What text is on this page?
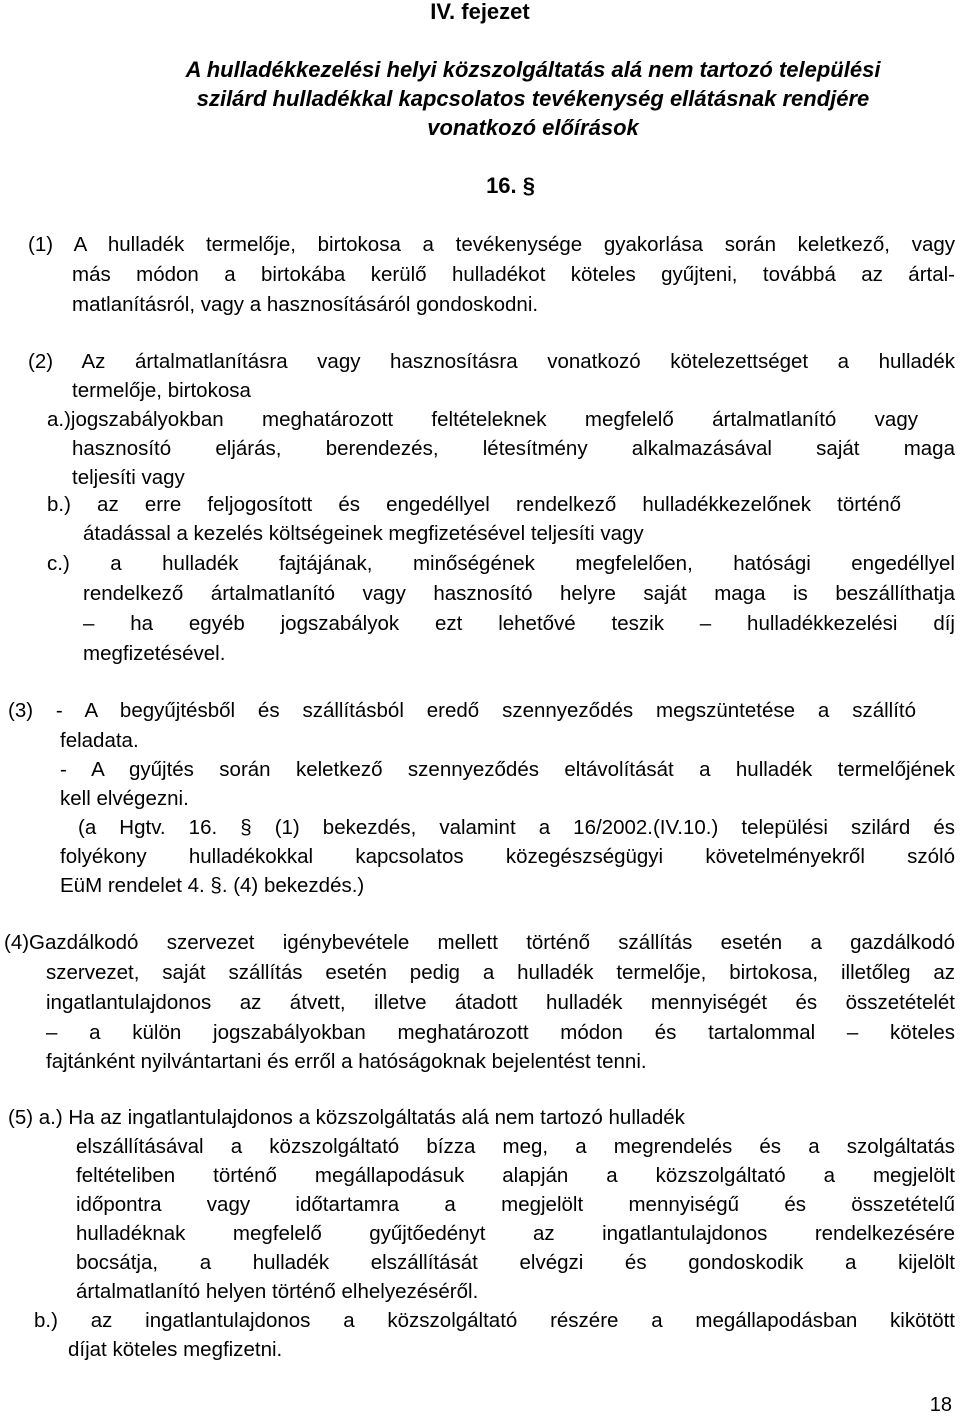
IV. fejezet
A hulladékkezelési helyi közszolgáltatás alá nem tartozó települési
szilárd hulladékkal kapcsolatos tevékenység ellátásnak rendjére
vonatkozó előírások
16. §
(1) A hulladék termelője, birtokosa a tevékenysége gyakorlása során keletkező, vagy
más módon a birtokába kerülő hulladékot köteles gyűjteni, továbbá az ártal-
matlanításról, vagy a hasznosításáról gondoskodni.
(2) Az ártalmatlanításra vagy hasznosításra vonatkozó kötelezettséget a hulladék
termelője, birtokosa
a.)jogszabályokban meghatározott feltételeknek megfelelő ártalmatlanító vagy
hasznosító eljárás, berendezés, létesítmény alkalmazásával saját maga
teljesíti vagy
b.) az erre feljogosított és engedéllyel rendelkező hulladékkezelőnek történő
átadással a kezelés költségeinek megfizetésével teljesíti vagy
c.) a hulladék fajtájának, minőségének megfelelően, hatósági engedéllyel
rendelkező ártalmatlanító vagy hasznosító helyre saját maga is beszállíthatja
– ha egyéb jogszabályok ezt lehetővé teszik – hulladékkezelési díj
megfizetésével.
(3) - A begyűjtésből és szállításból eredő szennyeződés megszüntetése a szállító
feladata.
- A gyűjtés során keletkező szennyeződés eltávolítását a hulladék termelőjének
kell elvégezni.
(a Hgtv. 16. § (1) bekezdés, valamint a 16/2002.(IV.10.) települési szilárd és
folyékony hulladékokkal kapcsolatos közegészségügyi követelményekről szóló
EüM rendelet 4. §. (4) bekezdés.)
(4)Gazdálkodó szervezet igénybevétele mellett történő szállítás esetén a gazdálkodó
szervezet, saját szállítás esetén pedig a hulladék termelője, birtokosa, illetőleg az
ingatlantulajdonos az átvett, illetve átadott hulladék mennyiségét és összetételét
– a külön jogszabályokban meghatározott módon és tartalommal – köteles
fajtánként nyilvántartani és erről a hatóságoknak bejelentést tenni.
(5) a.) Ha az ingatlantulajdonos a közszolgáltatás alá nem tartozó hulladék
elszállításával a közszolgáltató bízza meg, a megrendelés és a szolgáltatás
feltételiben történő megállapodásuk alapján a közszolgáltató a megjelölt
időpontra vagy időtartamra a megjelölt mennyiségű és összetételű
hulladéknak megfelelő gyűjtőedényt az ingatlantulajdonos rendelkezésére
bocsátja, a hulladék elszállítását elvégzi és gondoskodik a kijelölt
ártalmatlanító helyen történő elhelyezéséről.
b.) az ingatlantulajdonos a közszolgáltató részére a megállapodásban kikötött
díjat köteles megfizetni.
18
